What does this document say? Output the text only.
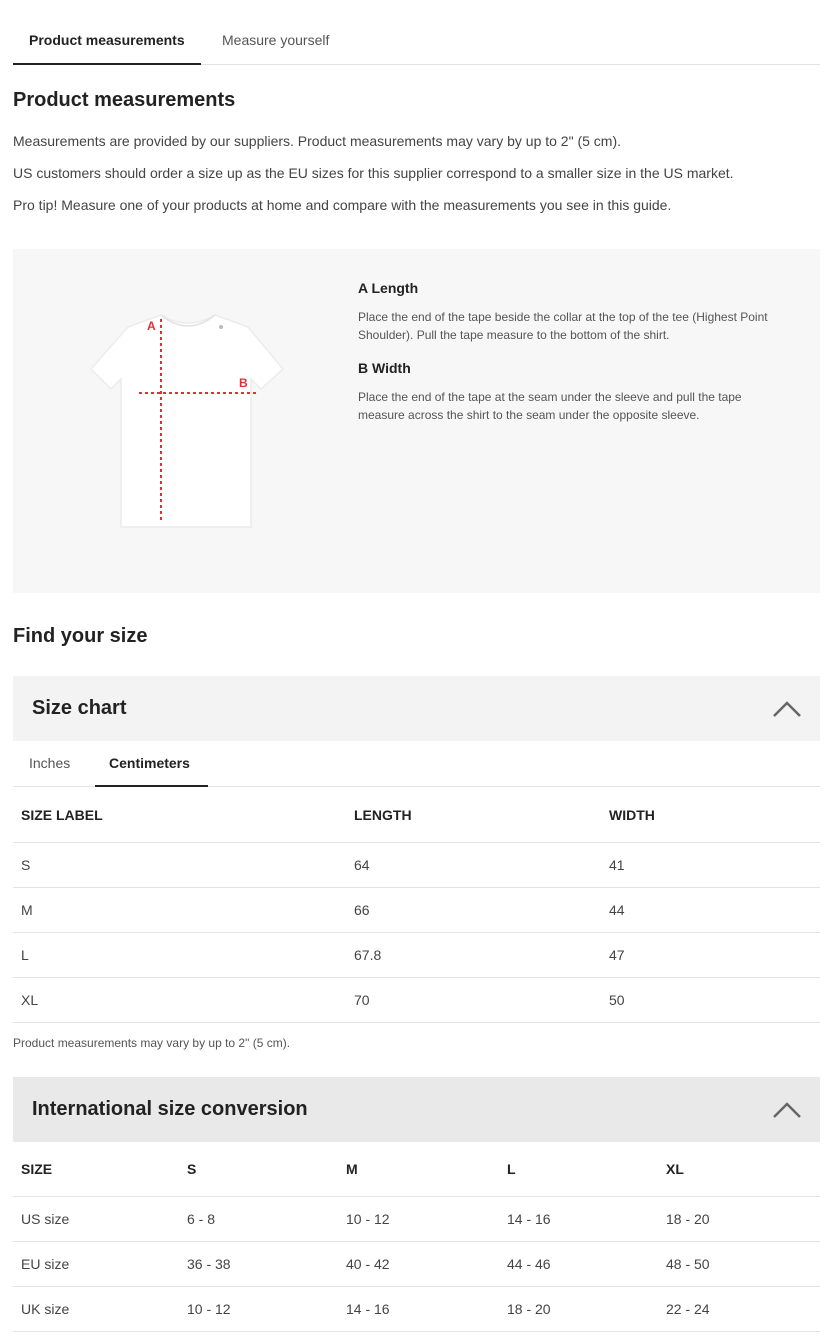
Product measurements	Measure yourself
Product measurements
Measurements are provided by our suppliers. Product measurements may vary by up to 2" (5 cm).
US customers should order a size up as the EU sizes for this supplier correspond to a smaller size in the US market.
Pro tip! Measure one of your products at home and compare with the measurements you see in this guide.
A
B
A Length
Place the end of the tape beside the collar at the top of the tee (Highest Point Shoulder). Pull the tape measure to the bottom of the shirt.
B Width
Place the end of the tape at the seam under the sleeve and pull the tape measure across the shirt to the seam under the opposite sleeve.
Find your size
Size chart
Inches	Centimeters
SIZE LABEL	LENGTH	WIDTH
S	64	41
M	66	44
L	67.8	47
XL	70	50
Product measurements may vary by up to 2" (5 cm).
International size conversion
SIZE	S	M	L	XL
US size	6 - 8	10 - 12	14 - 16	18 - 20
EU size	36 - 38	40 - 42	44 - 46	48 - 50
UK size	10 - 12	14 - 16	18 - 20	22 - 24
